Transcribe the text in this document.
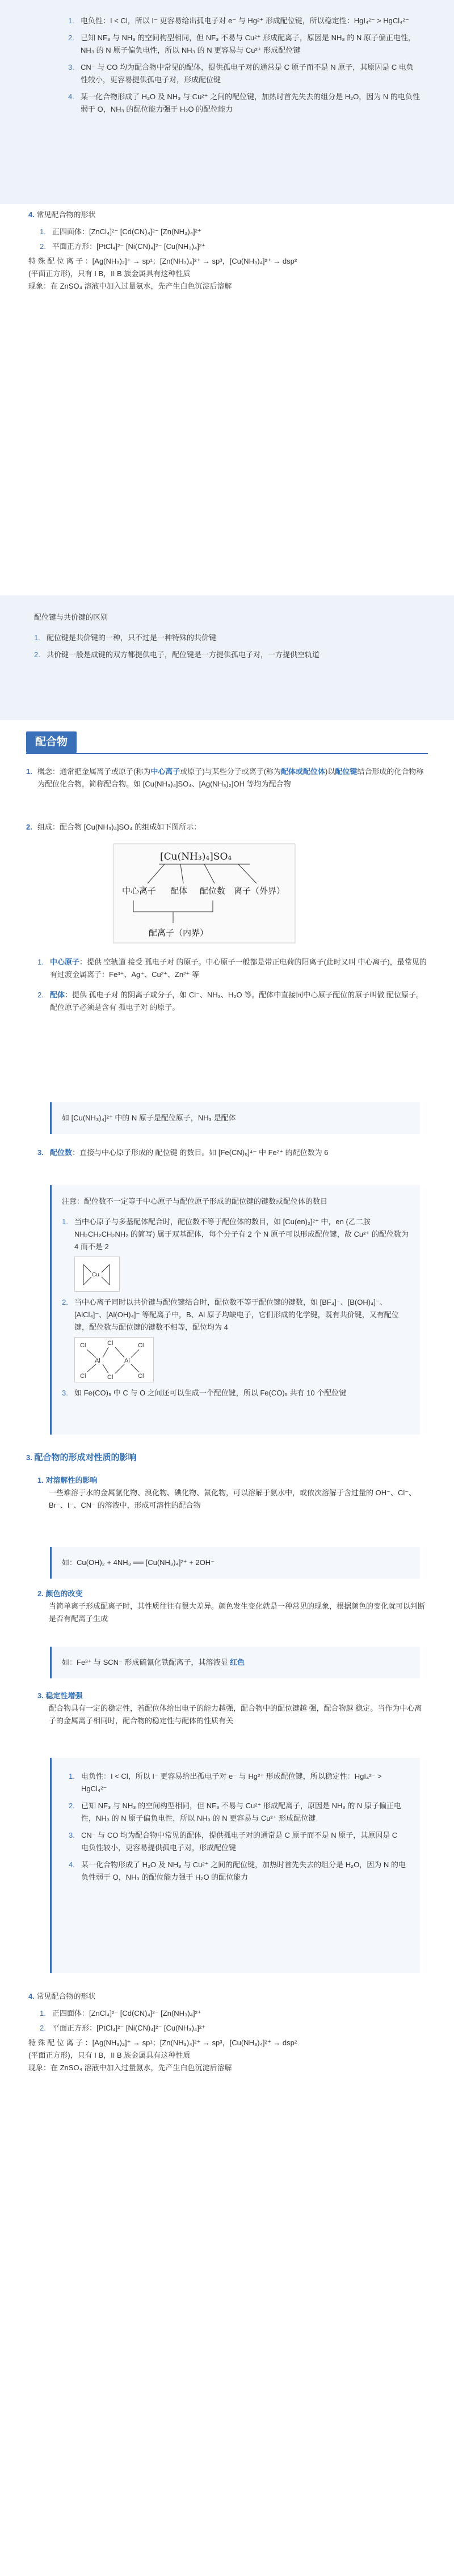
1. 电负性：I < Cl，所以 I⁻ 更容易给出孤电子对 e⁻ 与 Hg²⁺ 形成配位键，所以稳定性：HgI₄²⁻ > HgCl₄²⁻
2. 已知 NF₃ 与 NH₃ 的空间构型相同，但 NF₃ 不易与 Cu²⁺ 形成配离子，原因是 NH₃ 的 N 原子偏正电性，NH₃ 的 N 原子偏负电性，所以 NH₃ 的 N 更容易与 Cu²⁺ 形成配位键
3. CN⁻ 与 CO 均为配合物中常见的配体，提供孤电子对的通常是 C 原子而不是 N 原子，其原因是 C 电负性较小，更容易提供孤电子对，形成配位键
4. 某一化合物形成了 H₂O 及 NH₃ 与 Cu²⁺ 之间的配位键，加热时首先失去的组分是 H₂O，因为 N 的电负性弱于 O，NH₃ 的配位能力强于 H₂O 的配位能力
4. 常见配合物的形状
1. 正四面体：[ZnCl₄]²⁻ [Cd(CN)₄]²⁻ [Zn(NH₃)₄]²⁺
2. 平面正方形：[PtCl₄]²⁻ [Ni(CN)₄]²⁻ [Cu(NH₃)₄]²⁺
特 殊 配 位 离 子 ：[Ag(NH₃)₂]⁺ → sp¹；[Zn(NH₃)₄]²⁺ → sp³，[Cu(NH₃)₄]²⁺ → dsp²
(平面正方形)，只有 I B，II B 族金属具有这种性质
现象：在 ZnSO₄ 溶液中加入过量氨水，先产生白色沉淀后溶解
配位键与共价键的区别
1. 配位键是共价键的一种，只不过是一种特殊的共价键
2. 共价键一般是成键的双方都提供电子，配位键是一方提供孤电子对，一方提供空轨道
配合物
1. 概念：通常把金属离子或原子(称为中心离子或原子)与某些分子或离子(称为配体或配位体)以配位键结合形成的化合物称为配位化合物，简称配合物。如 [Cu(NH₃)₄]SO₄、[Ag(NH₃)₂]OH 等均为配合物
2. 组成：配合物 [Cu(NH₃)₄]SO₄ 的组成如下图所示：
[Cu(NH₃)₄]SO₄
中心离子 配体 配位数 离子（外界）
配离子（内界）
1. 中心原子：提供 空轨道 接受 孤电子对 的原子。中心原子一般都是带正电荷的阳离子(此时又叫 中心离子)，最常见的有过渡金属离子：Fe³⁺、Ag⁺、Cu²⁺、Zn²⁺ 等
2. 配体：提供 孤电子对 的阴离子或分子，如 Cl⁻、NH₃、H₂O 等。配体中直接同中心原子配位的原子叫做 配位原子。配位原子必须是含有 孤电子对 的原子。
如 [Cu(NH₃)₄]²⁺ 中的 N 原子是配位原子，NH₃ 是配体
3. 配位数：直接与中心原子形成的 配位键 的数目。如 [Fe(CN)₆]⁴⁻ 中 Fe²⁺ 的配位数为 6
注意：配位数不一定等于中心原子与配位原子形成的配位键的键数或配位体的数目
1. 当中心原子与多基配体配合时，配位数不等于配位体的数目，如 [Cu(en)₂]²⁺ 中，en (乙二胺 NH₂CH₂CH₂NH₂ 的简写) 属于双基配体，每个分子有 2 个 N 原子可以形成配位键，故 Cu²⁺ 的配位数为 4 而不是 2
Cu
2. 当中心离子同时以共价键与配位键结合时，配位数不等于配位键的键数，如 [BF₄]⁻、[B(OH)₄]⁻、[AlCl₄]⁻、[Al(OH)₄]⁻ 等配离子中，B、Al 原子均缺电子，它们形成的化学键，既有共价键，又有配位键，配位数与配位键的键数不相等，配位均为 4
Cl	Cl	Cl
Al	Al
Cl	Cl	Cl
3. 如 Fe(CO)₅ 中 C 与 O 之间还可以生成一个配位键，所以 Fe(CO)₅ 共有 10 个配位键
3. 配合物的形成对性质的影响
1. 对溶解性的影响
一些难溶于水的金属氯化物、溴化物、碘化物、氰化物，可以溶解于氨水中，或依次溶解于含过量的 OH⁻、Cl⁻、Br⁻、I⁻、CN⁻ 的溶液中，形成可溶性的配合物
如：Cu(OH)₂ + 4NH₃ ══ [Cu(NH₃)₄]²⁺ + 2OH⁻
2. 颜色的改变
当简单离子形成配离子时，其性质往往有很大差异。颜色发生变化就是一种常见的现象，根据颜色的变化就可以判断是否有配离子生成
如：Fe³⁺ 与 SCN⁻ 形成硫氰化铁配离子，其溶液显 红色
3. 稳定性增强
配合物具有一定的稳定性，若配位体给出电子的能力越强，配合物中的配位键越 强，配合物越 稳定。当作为中心离子的金属离子相同时，配合物的稳定性与配体的性质有关
1. 电负性：I < Cl，所以 I⁻ 更容易给出孤电子对 e⁻ 与 Hg²⁺ 形成配位键，所以稳定性：HgI₄²⁻ > HgCl₄²⁻
2. 已知 NF₃ 与 NH₃ 的空间构型相同，但 NF₃ 不易与 Cu²⁺ 形成配离子，原因是 NH₃ 的 N 原子偏正电性，NH₃ 的 N 原子偏负电性，所以 NH₃ 的 N 更容易与 Cu²⁺ 形成配位键
3. CN⁻ 与 CO 均为配合物中常见的配体，提供孤电子对的通常是 C 原子而不是 N 原子，其原因是 C 电负性较小，更容易提供孤电子对，形成配位键
4. 某一化合物形成了 H₂O 及 NH₃ 与 Cu²⁺ 之间的配位键，加热时首先失去的组分是 H₂O，因为 N 的电负性弱于 O，NH₃ 的配位能力强于 H₂O 的配位能力
4. 常见配合物的形状
1. 正四面体：[ZnCl₄]²⁻ [Cd(CN)₄]²⁻ [Zn(NH₃)₄]²⁺
2. 平面正方形：[PtCl₄]²⁻ [Ni(CN)₄]²⁻ [Cu(NH₃)₄]²⁺
特 殊 配 位 离 子 ：[Ag(NH₃)₂]⁺ → sp¹；[Zn(NH₃)₄]²⁺ → sp³，[Cu(NH₃)₄]²⁺ → dsp²
(平面正方形)，只有 I B，II B 族金属具有这种性质
现象：在 ZnSO₄ 溶液中加入过量氨水，先产生白色沉淀后溶解
